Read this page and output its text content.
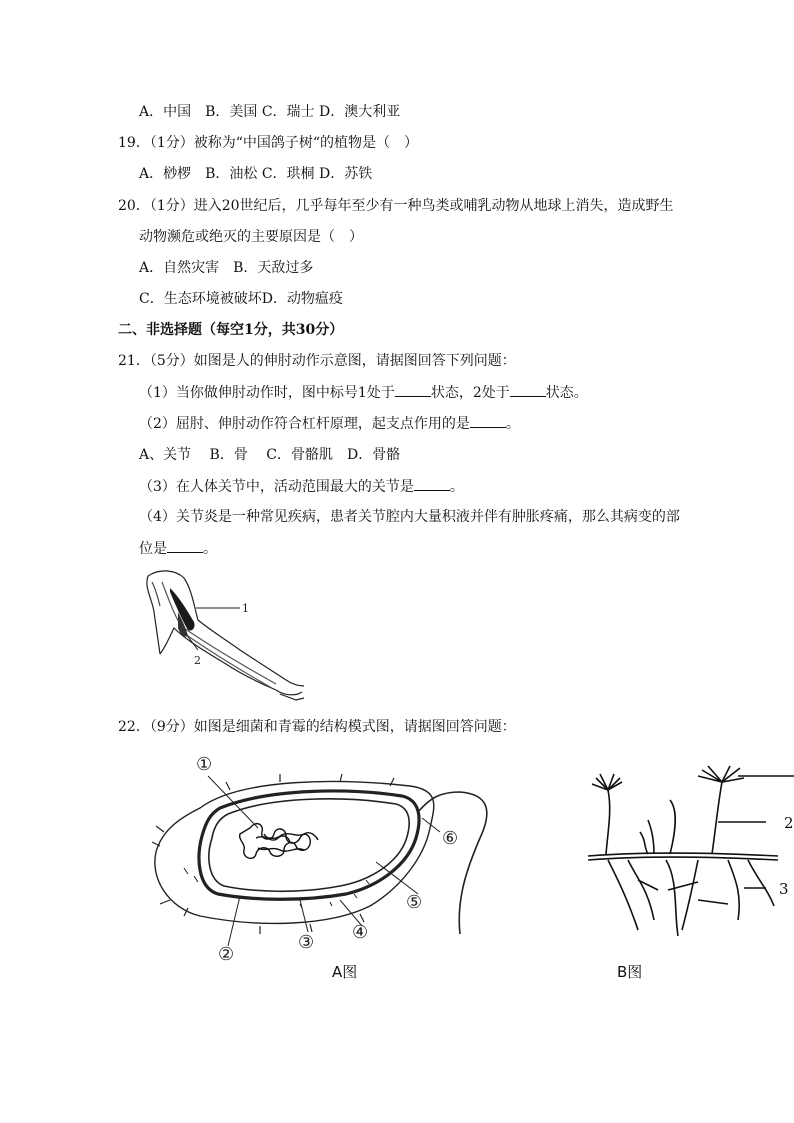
A．中国　B．美国 C．瑞士 D．澳大利亚
19．（1分）被称为“中国鸽子树“的植物是（　）
A．桫椤　B．油松 C．珙桐 D．苏铁
20．（1分）进入20世纪后，几乎每年至少有一种鸟类或哺乳动物从地球上消失，造成野生
动物濒危或绝灭的主要原因是（　）
A．自然灾害　B．天敌过多
C．生态环境被破坏D．动物瘟疫
二、非选择题（每空1分，共30分）
21．（5分）如图是人的伸肘动作示意图，请据图回答下列问题：
（1）当你做伸肘动作时，图中标号1处于	状态，2处于	状态。
（2）屈肘、伸肘动作符合杠杆原理，起支点作用的是	。
A、关节　 B．骨　 C．骨骼肌　D．骨骼
（3）在人体关节中，活动范围最大的关节是	。
（4）关节炎是一种常见疾病，患者关节腔内大量积液并伴有肿胀疼痛，那么其病变的部
位是	。
1
2
22．（9分）如图是细菌和青霉的结构模式图，请据图回答问题：
①
②
③ ④
⑤
⑥
A图
2
3
B图
